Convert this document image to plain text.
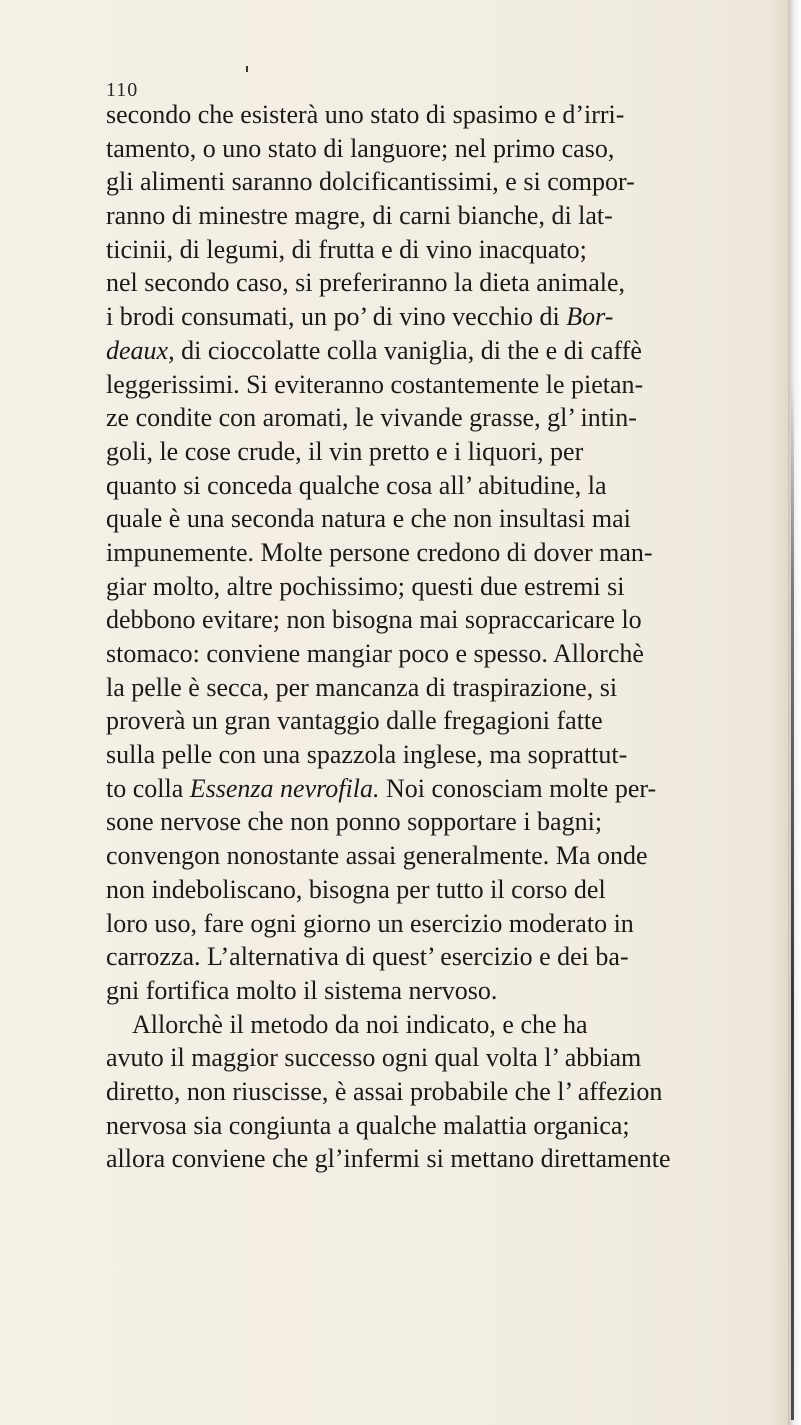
110
secondo che esisterà uno stato di spasimo e d’irri-
tamento, o uno stato di languore; nel primo caso,
gli alimenti saranno dolcificantissimi, e si compor-
ranno di minestre magre, di carni bianche, di lat-
ticinii, di legumi, di frutta e di vino inacquato;
nel secondo caso, si preferiranno la dieta animale,
i brodi consumati, un po’ di vino vecchio di Bor-
deaux, di cioccolatte colla vaniglia, di the e di caffè
leggerissimi. Si eviteranno costantemente le pietan-
ze condite con aromati, le vivande grasse, gl’ intin-
goli, le cose crude, il vin pretto e i liquori, per
quanto si conceda qualche cosa all’ abitudine, la
quale è una seconda natura e che non insultasi mai
impunemente. Molte persone credono di dover man-
giar molto, altre pochissimo; questi due estremi si
debbono evitare; non bisogna mai sopraccaricare lo
stomaco: conviene mangiar poco e spesso. Allorchè
la pelle è secca, per mancanza di traspirazione, si
proverà un gran vantaggio dalle fregagioni fatte
sulla pelle con una spazzola inglese, ma soprattut-
to colla Essenza nevrofila. Noi conosciam molte per-
sone nervose che non ponno sopportare i bagni;
convengon nonostante assai generalmente. Ma onde
non indeboliscano, bisogna per tutto il corso del
loro uso, fare ogni giorno un esercizio moderato in
carrozza. L’alternativa di quest’ esercizio e dei ba-
gni fortifica molto il sistema nervoso.
Allorchè il metodo da noi indicato, e che ha
avuto il maggior successo ogni qual volta l’ abbiam
diretto, non riuscisse, è assai probabile che l’ affezion
nervosa sia congiunta a qualche malattia organica;
allora conviene che gl’infermi si mettano direttamente
